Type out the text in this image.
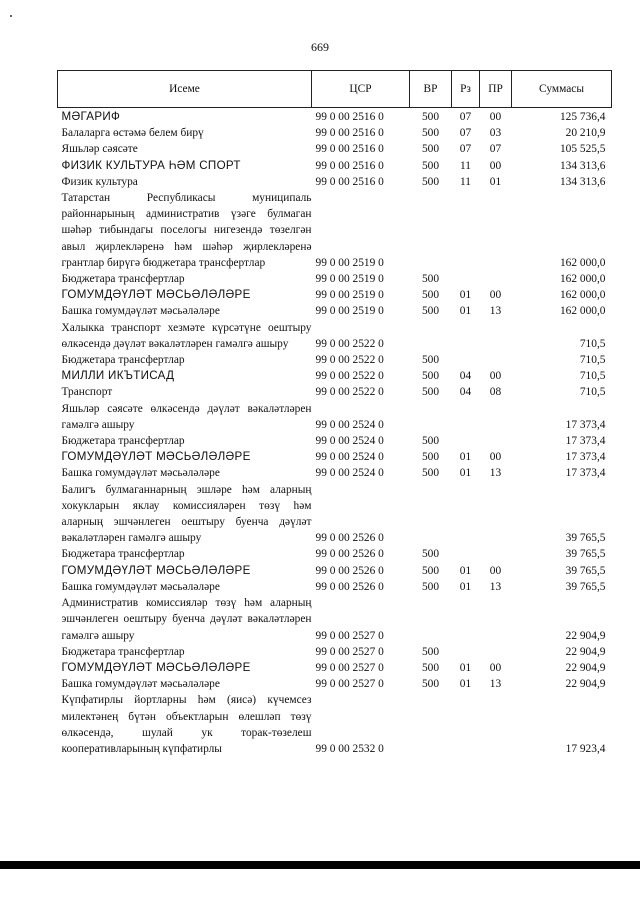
669
Исеме	ЦСР	ВР	Рз	ПР	Суммасы
МӘГАРИФ	99 0 00 2516 0	500	07	00	125 736,4
Балаларга өстәмә белем бирү	99 0 00 2516 0	500	07	03	20 210,9
Яшьләр сәясәте	99 0 00 2516 0	500	07	07	105 525,5
ФИЗИК КУЛЬТУРА ҺӘМ СПОРТ	99 0 00 2516 0	500	11	00	134 313,6
Физик культура	99 0 00 2516 0	500	11	01	134 313,6
Татарстан Республикасы муниципаль районнарының административ үзәге булмаган шәһәр тибындагы поселогы нигезендә төзелгән авыл җирлекләренә һәм шәһәр җирлекләренә грантлар бирүгә бюджетара трансфертлар	99 0 00 2519 0				162 000,0
Бюджетара трансфертлар	99 0 00 2519 0	500			162 000,0
ГОМУМДӘҮЛӘТ МӘСЬӘЛӘЛӘРЕ	99 0 00 2519 0	500	01	00	162 000,0
Башка гомумдәүләт мәсьәләләре	99 0 00 2519 0	500	01	13	162 000,0
Халыкка транспорт хезмәте күрсәтүне оештыру өлкәсендә дәүләт вәкаләтләрен гамәлгә ашыру	99 0 00 2522 0				710,5
Бюджетара трансфертлар	99 0 00 2522 0	500			710,5
МИЛЛИ ИКЪТИСАД	99 0 00 2522 0	500	04	00	710,5
Транспорт	99 0 00 2522 0	500	04	08	710,5
Яшьләр сәясәте өлкәсендә дәүләт вәкаләтләрен гамәлгә ашыру	99 0 00 2524 0				17 373,4
Бюджетара трансфертлар	99 0 00 2524 0	500			17 373,4
ГОМУМДӘҮЛӘТ МӘСЬӘЛӘЛӘРЕ	99 0 00 2524 0	500	01	00	17 373,4
Башка гомумдәүләт мәсьәләләре	99 0 00 2524 0	500	01	13	17 373,4
Балигъ булмаганнарның эшләре һәм аларның хокукларын яклау комиссияләрен төзү һәм аларның эшчәнлеген оештыру буенча дәүләт вәкаләтләрен гамәлгә ашыру	99 0 00 2526 0				39 765,5
Бюджетара трансфертлар	99 0 00 2526 0	500			39 765,5
ГОМУМДӘҮЛӘТ МӘСЬӘЛӘЛӘРЕ	99 0 00 2526 0	500	01	00	39 765,5
Башка гомумдәүләт мәсьәләләре	99 0 00 2526 0	500	01	13	39 765,5
Административ комиссияләр төзү һәм аларның эшчәнлеген оештыру буенча дәүләт вәкаләтләрен гамәлгә ашыру	99 0 00 2527 0				22 904,9
Бюджетара трансфертлар	99 0 00 2527 0	500			22 904,9
ГОМУМДӘҮЛӘТ МӘСЬӘЛӘЛӘРЕ	99 0 00 2527 0	500	01	00	22 904,9
Башка гомумдәүләт мәсьәләләре	99 0 00 2527 0	500	01	13	22 904,9
Күпфатирлы йортларны һәм (яисә) күчемсез милектәнең бүтән объектларын өлешләп төзү өлкәсендә, шулай ук торак-төзелеш кооперативларының күпфатирлы	99 0 00 2532 0				17 923,4
